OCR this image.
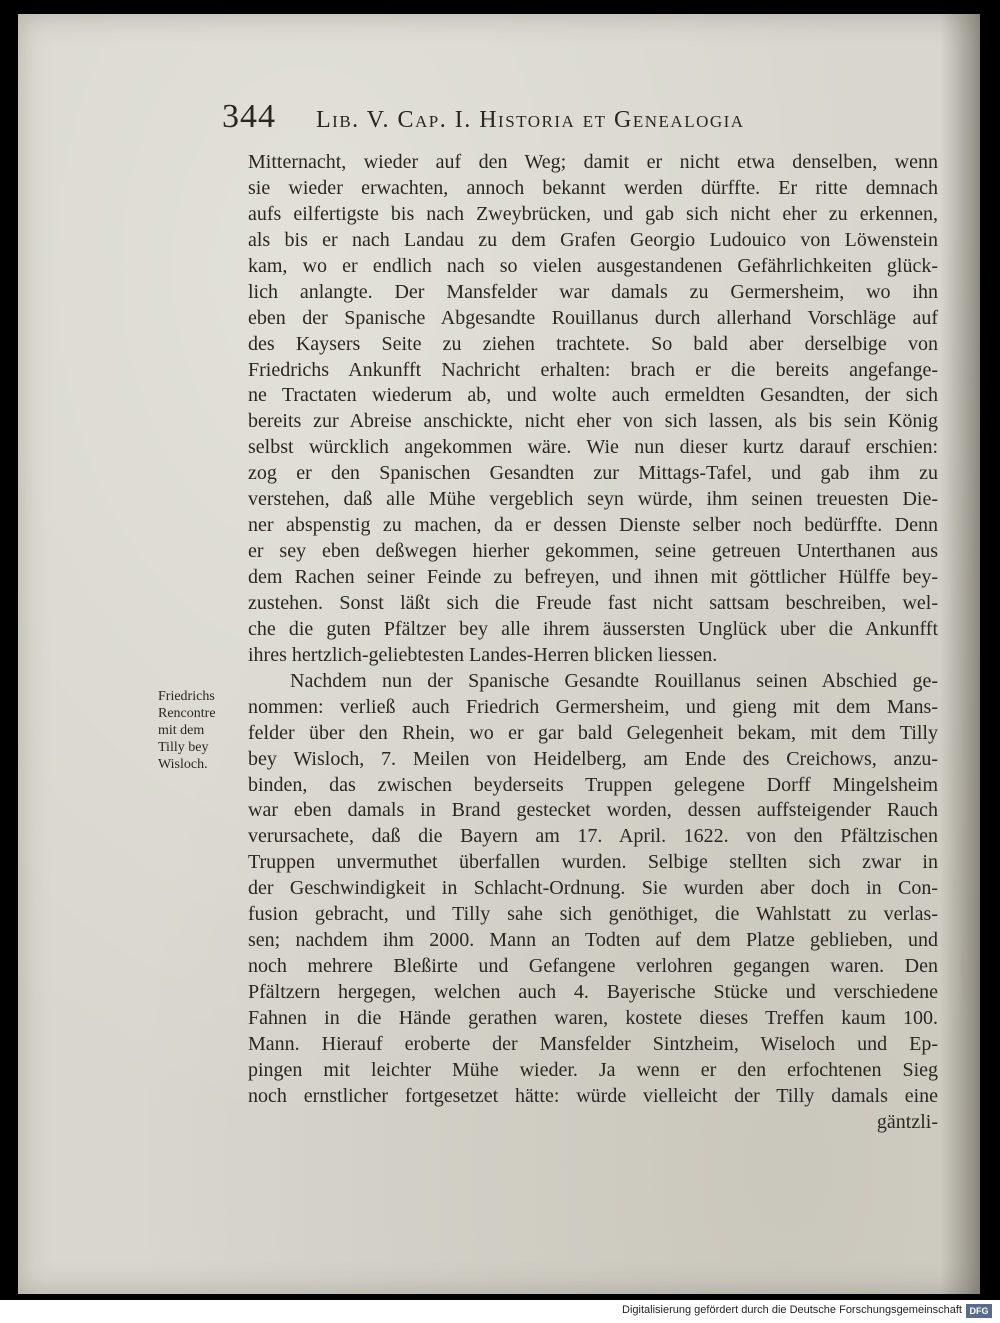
344 Lib. V. Cap. I. Historia et Genealogia
Friedrichs
Rencontre
mit dem
Tilly bey
Wisloch.
Mitternacht, wieder auf den Weg; damit er nicht etwa denselben, wenn
sie wieder erwachten, annoch bekannt werden dürffte. Er ritte demnach
aufs eilfertigste bis nach Zweybrücken, und gab sich nicht eher zu erkennen,
als bis er nach Landau zu dem Grafen Georgio Ludouico von Löwenstein
kam, wo er endlich nach so vielen ausgestandenen Gefährlichkeiten glück-
lich anlangte. Der Mansfelder war damals zu Germersheim, wo ihn
eben der Spanische Abgesandte Rouillanus durch allerhand Vorschläge auf
des Kaysers Seite zu ziehen trachtete. So bald aber derselbige von
Friedrichs Ankunfft Nachricht erhalten: brach er die bereits angefange-
ne Tractaten wiederum ab, und wolte auch ermeldten Gesandten, der sich
bereits zur Abreise anschickte, nicht eher von sich lassen, als bis sein König
selbst würcklich angekommen wäre. Wie nun dieser kurtz darauf erschien:
zog er den Spanischen Gesandten zur Mittags-Tafel, und gab ihm zu
verstehen, daß alle Mühe vergeblich seyn würde, ihm seinen treuesten Die-
ner abspenstig zu machen, da er dessen Dienste selber noch bedürffte. Denn
er sey eben deßwegen hierher gekommen, seine getreuen Unterthanen aus
dem Rachen seiner Feinde zu befreyen, und ihnen mit göttlicher Hülffe bey-
zustehen. Sonst läßt sich die Freude fast nicht sattsam beschreiben, wel-
che die guten Pfältzer bey alle ihrem äussersten Unglück uber die Ankunfft
ihres hertzlich-geliebtesten Landes-Herren blicken liessen.
Nachdem nun der Spanische Gesandte Rouillanus seinen Abschied ge-
nommen: verließ auch Friedrich Germersheim, und gieng mit dem Mans-
felder über den Rhein, wo er gar bald Gelegenheit bekam, mit dem Tilly
bey Wisloch, 7. Meilen von Heidelberg, am Ende des Creichows, anzu-
binden, das zwischen beyderseits Truppen gelegene Dorff Mingelsheim
war eben damals in Brand gestecket worden, dessen auffsteigender Rauch
verursachete, daß die Bayern am 17. April. 1622. von den Pfältzischen
Truppen unvermuthet überfallen wurden. Selbige stellten sich zwar in
der Geschwindigkeit in Schlacht-Ordnung. Sie wurden aber doch in Con-
fusion gebracht, und Tilly sahe sich genöthiget, die Wahlstatt zu verlas-
sen; nachdem ihm 2000. Mann an Todten auf dem Platze geblieben, und
noch mehrere Bleßirte und Gefangene verlohren gegangen waren. Den
Pfältzern hergegen, welchen auch 4. Bayerische Stücke und verschiedene
Fahnen in die Hände gerathen waren, kostete dieses Treffen kaum 100.
Mann. Hierauf eroberte der Mansfelder Sintzheim, Wiseloch und Ep-
pingen mit leichter Mühe wieder. Ja wenn er den erfochtenen Sieg
noch ernstlicher fortgesetzet hätte: würde vielleicht der Tilly damals eine
gäntzli-
Digitalisierung gefördert durch die Deutsche Forschungsgemeinschaft DFG
